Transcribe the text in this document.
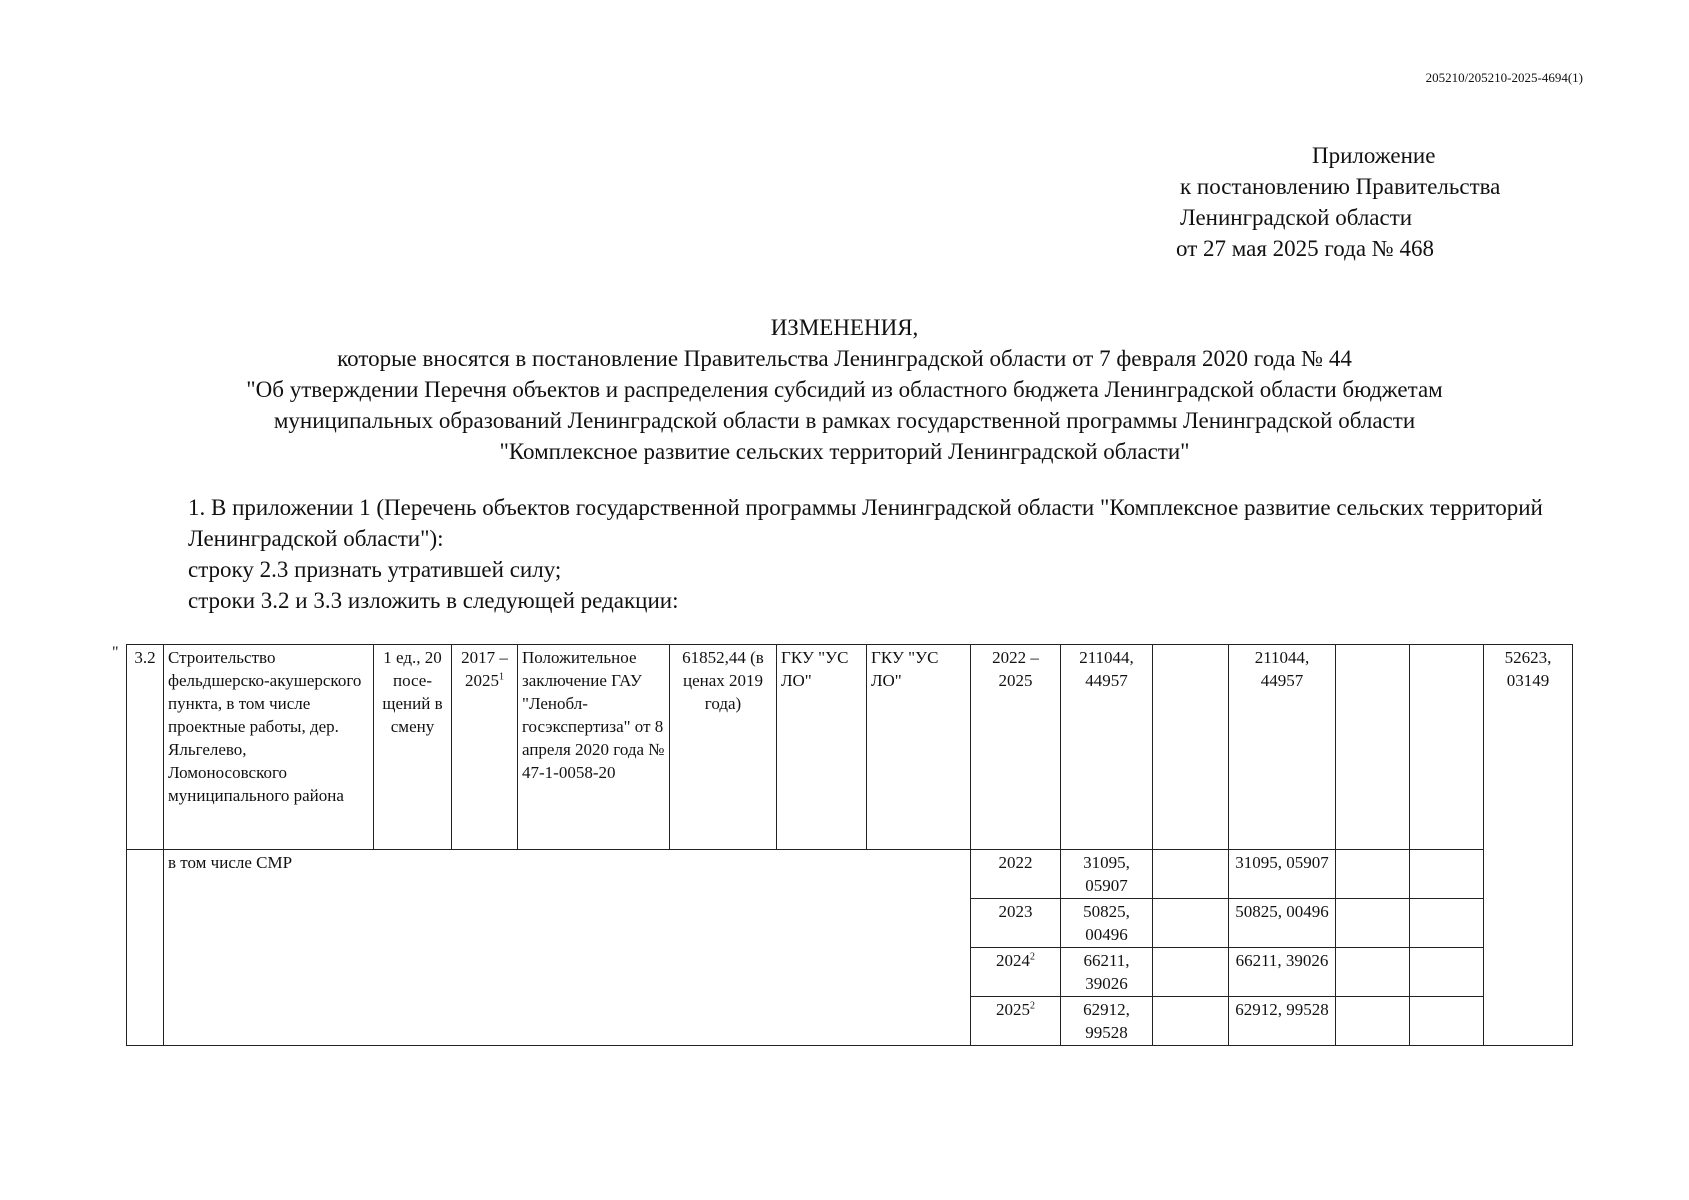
205210/205210-2025-4694(1)
Приложение
к постановлению Правительства
Ленинградской области
от 27 мая 2025 года № 468
ИЗМЕНЕНИЯ,
которые вносятся в постановление Правительства Ленинградской области от 7 февраля 2020 года № 44
"Об утверждении Перечня объектов и распределения субсидий из областного бюджета Ленинградской области бюджетам
муниципальных образований Ленинградской области в рамках государственной программы Ленинградской области
"Комплексное развитие сельских территорий Ленинградской области"
1. В приложении 1 (Перечень объектов государственной программы Ленинградской области "Комплексное развитие сельских территорий Ленинградской области"):
строку 2.3 признать утратившей силу;
строки 3.2 и 3.3 изложить в следующей редакции:
" 3.2	Строительство фельдшерско-акушерского пункта, в том числе проектные работы, дер. Яльгелево, Ломоносовского муниципального района	1 ед., 20 посе-щений в смену	2017 – 2025$^1$	Положительное заключение ГАУ "Ленобл-госэкспертиза" от 8 апреля 2020 года № 47-1-0058-20	61852,44 (в ценах 2019 года)	ГКУ "УС ЛО"	ГКУ "УС ЛО"	2022 – 2025	211044, 44957		211044, 44957			52623, 03149
	в том числе СМР							2022	31095, 05907		31095, 05907			
								2023	50825, 00496		50825, 00496			
								2024$^2$	66211, 39026		66211, 39026			
								2025$^2$	62912, 99528		62912, 99528			
